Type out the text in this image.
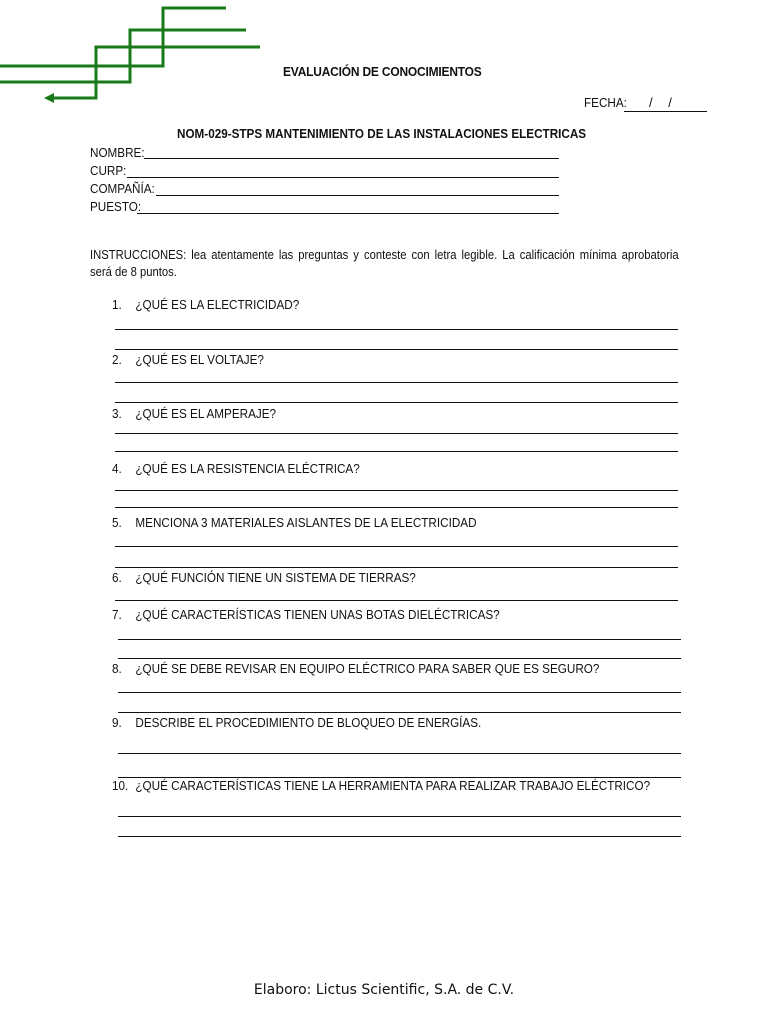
EVALUACIÓN DE CONOCIMIENTOS
FECHA: / /
NOM-029-STPS MANTENIMIENTO DE LAS INSTALACIONES ELECTRICAS
NOMBRE:
CURP:
COMPAÑÍA:
PUESTO:
INSTRUCCIONES: lea atentamente las preguntas y conteste con letra legible. La calificación mínima aprobatoria será de 8 puntos.
1. ¿QUÉ ES LA ELECTRICIDAD?
2. ¿QUÉ ES EL VOLTAJE?
3. ¿QUÉ ES EL AMPERAJE?
4. ¿QUÉ ES LA RESISTENCIA ELÉCTRICA?
5. MENCIONA 3 MATERIALES AISLANTES DE LA ELECTRICIDAD
6. ¿QUÉ FUNCIÓN TIENE UN SISTEMA DE TIERRAS?
7. ¿QUÉ CARACTERÍSTICAS TIENEN UNAS BOTAS DIELÉCTRICAS?
8. ¿QUÉ SE DEBE REVISAR EN EQUIPO ELÉCTRICO PARA SABER QUE ES SEGURO?
9. DESCRIBE EL PROCEDIMIENTO DE BLOQUEO DE ENERGÍAS.
10. ¿QUÉ CARACTERÍSTICAS TIENE LA HERRAMIENTA PARA REALIZAR TRABAJO ELÉCTRICO?
Elaboro: Lictus Scientific, S.A. de C.V.
